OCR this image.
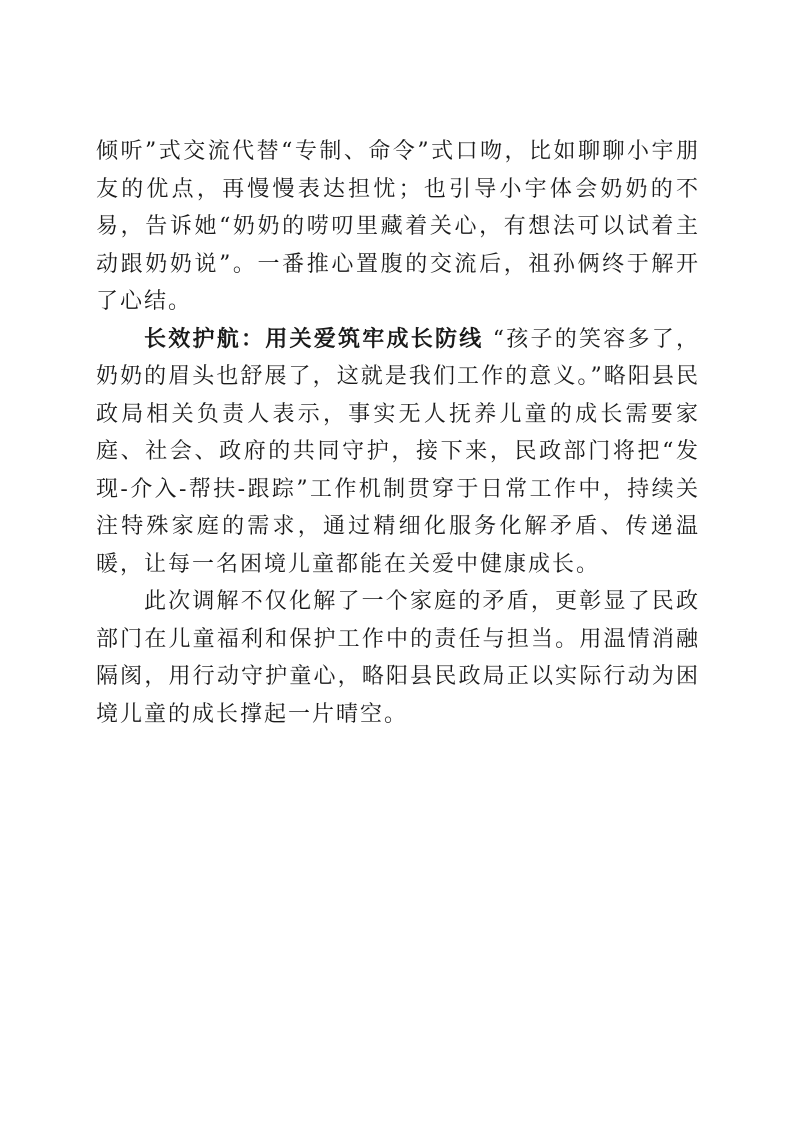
倾听”式交流代替“专制、命令”式口吻，比如聊聊小宇朋友的优点，再慢慢表达担忧；也引导小宇体会奶奶的不易，告诉她“奶奶的唠叨里藏着关心，有想法可以试着主动跟奶奶说”。一番推心置腹的交流后，祖孙俩终于解开了心结。

长效护航：用关爱筑牢成长防线 “孩子的笑容多了，奶奶的眉头也舒展了，这就是我们工作的意义。”略阳县民政局相关负责人表示，事实无人抚养儿童的成长需要家庭、社会、政府的共同守护，接下来，民政部门将把“发现-介入-帮扶-跟踪”工作机制贯穿于日常工作中，持续关注特殊家庭的需求，通过精细化服务化解矛盾、传递温暖，让每一名困境儿童都能在关爱中健康成长。

此次调解不仅化解了一个家庭的矛盾，更彰显了民政部门在儿童福利和保护工作中的责任与担当。用温情消融隔阂，用行动守护童心，略阳县民政局正以实际行动为困境儿童的成长撑起一片晴空。
